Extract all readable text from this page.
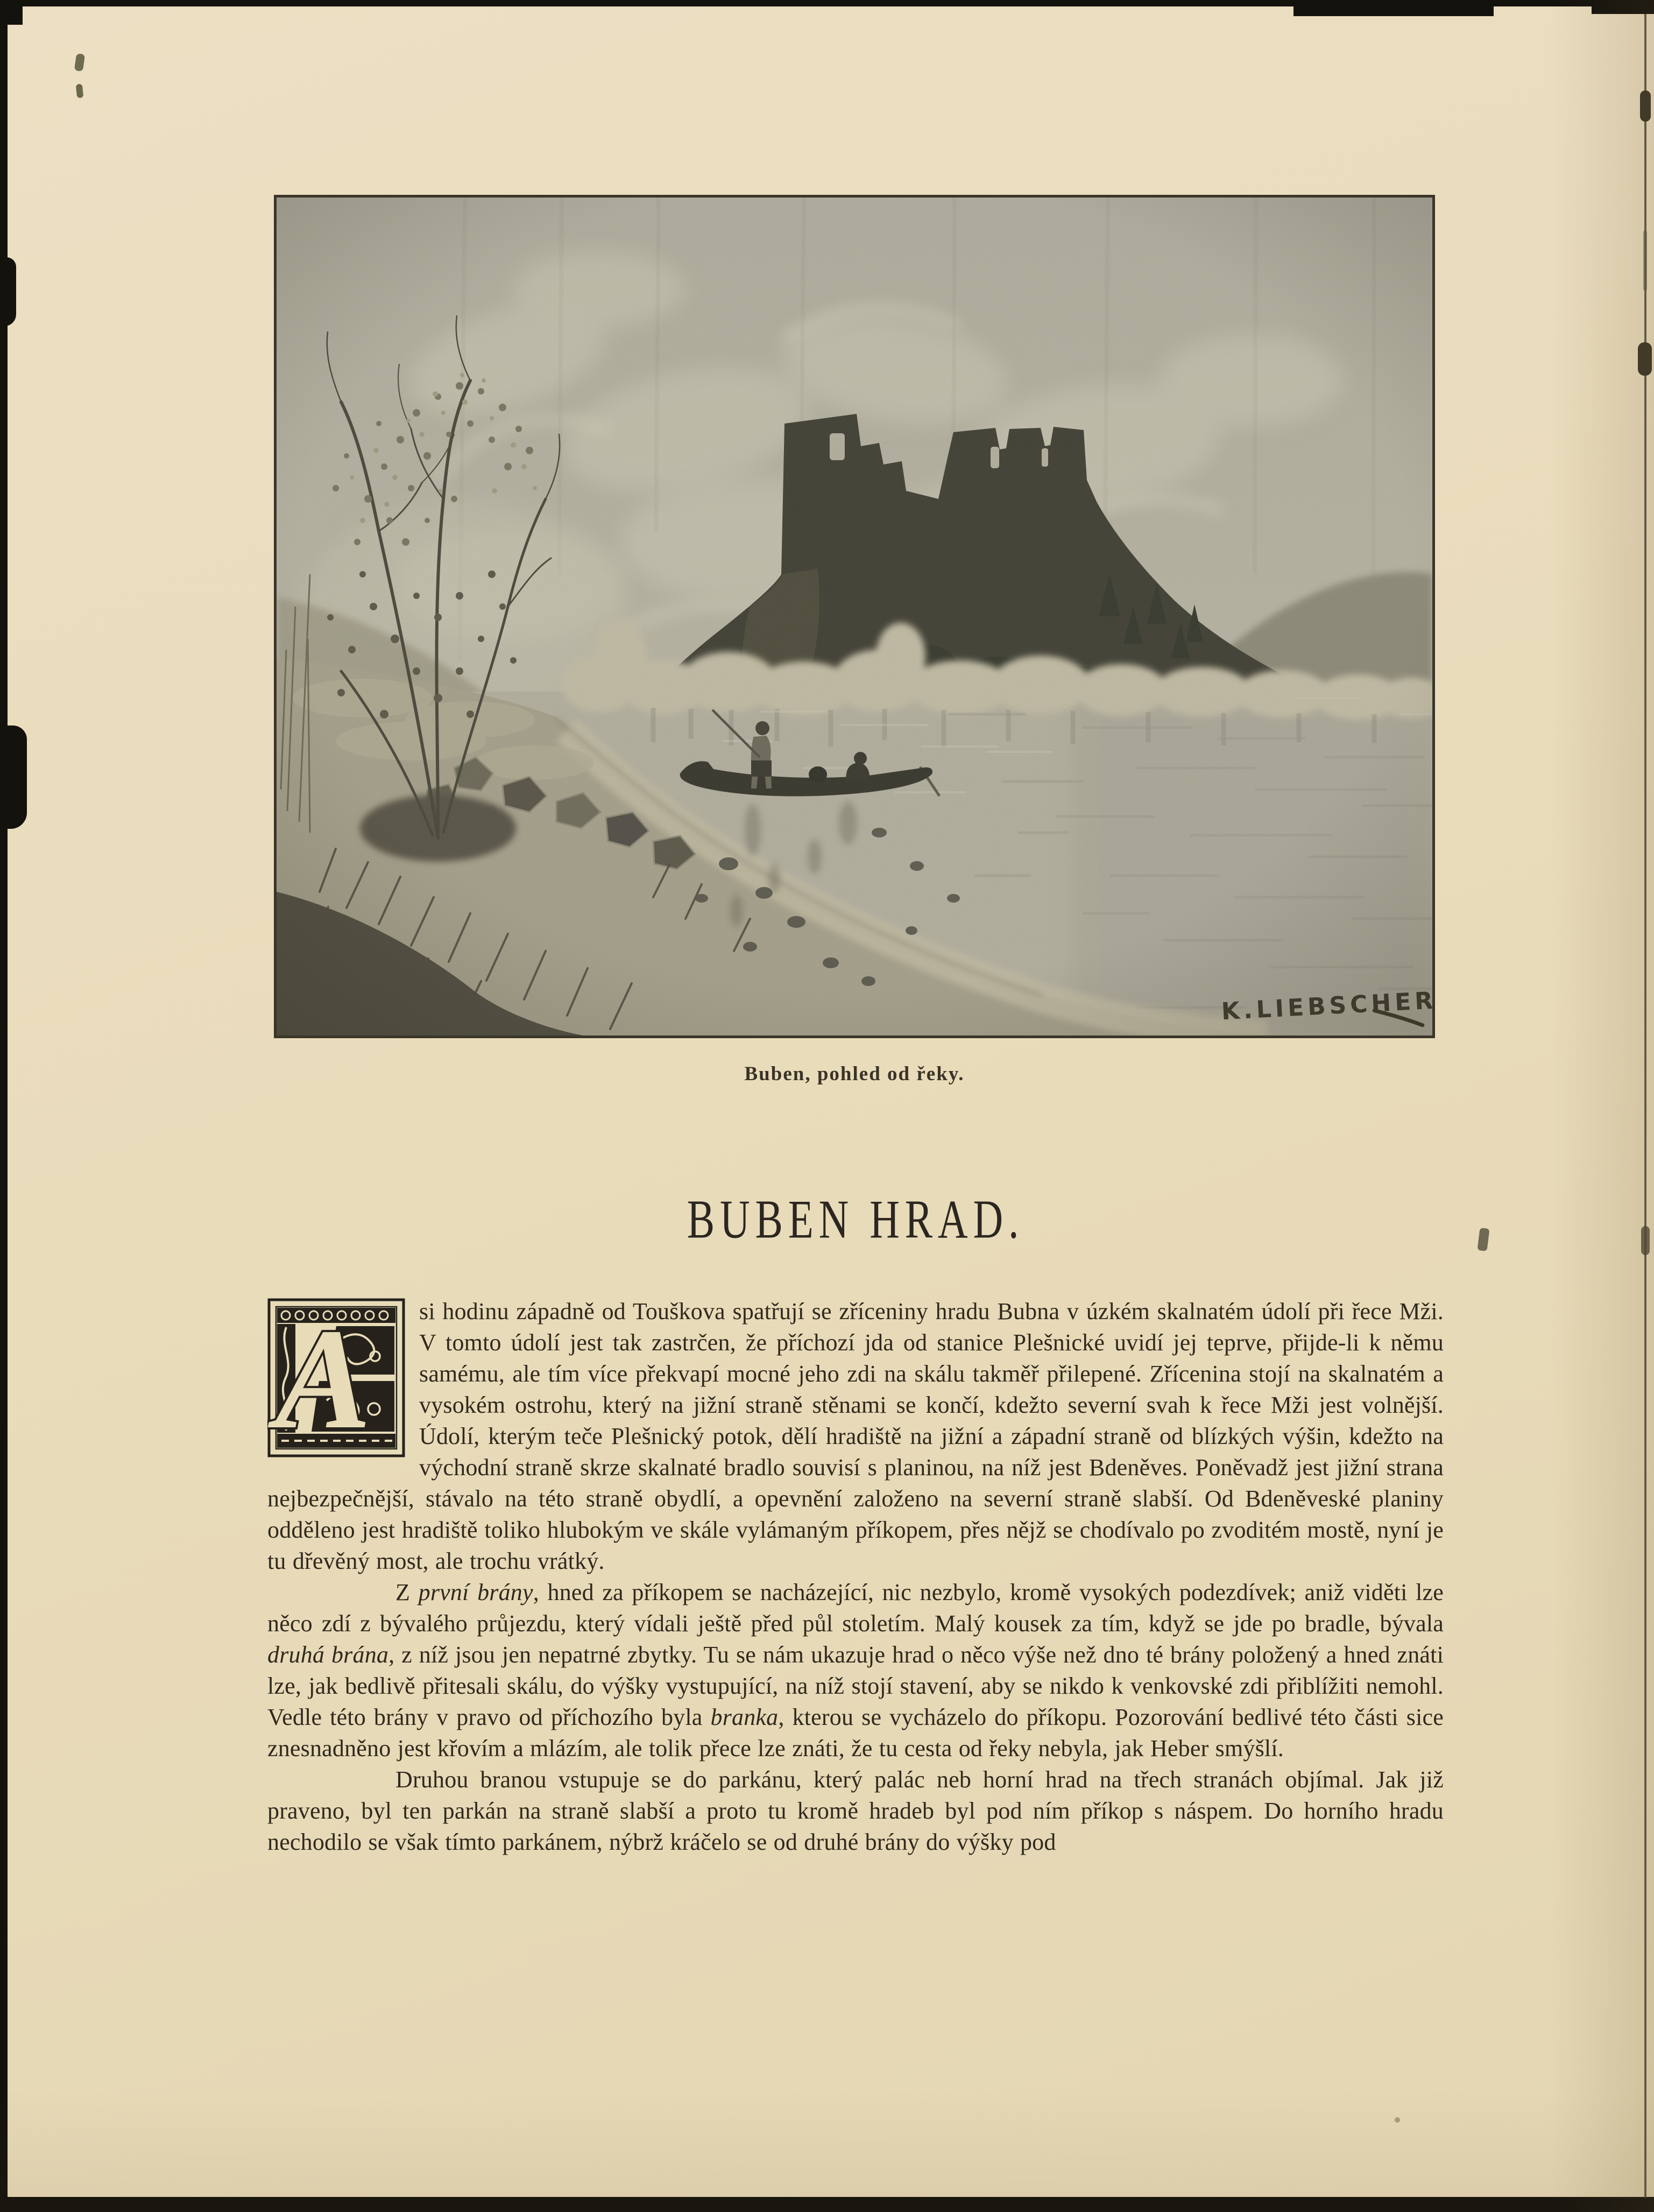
Buben, pohled od řeky.
BUBEN HRAD.

A si hodinu západně od Touškova spatřují se zříceniny hradu Bubna v úzkém skalnatém údolí při řece Mži. V tomto údolí jest tak zastrčen, že příchozí jda od stanice Plešnické uvidí jej teprve, přijde-li k němu samému, ale tím více překvapí mocné jeho zdi na skálu takměř přilepené. Zřícenina stojí na skalnatém a vysokém ostrohu, který na jižní straně stěnami se končí, kdežto severní svah k řece Mži jest volnější. Údolí, kterým teče Plešnický potok, dělí hradiště na jižní a západní straně od blízkých výšin, kdežto na východní straně skrze skalnaté bradlo souvisí s planinou, na níž jest Bdeněves. Poněvadž jest jižní strana nejbezpečnější, stávalo na této straně obydlí, a opevnění založeno na severní straně slabší. Od Bdeněveské planiny odděleno jest hradiště toliko hlubokým ve skále vylámaným příkopem, přes nějž se chodívalo po zvoditém mostě, nyní je tu dřevěný most, ale trochu vrátký.

Z první brány, hned za příkopem se nacházející, nic nezbylo, kromě vysokých podezdívek; aniž viděti lze něco zdí z bývalého průjezdu, který vídali ještě před půl stoletím. Malý kousek za tím, když se jde po bradle, bývala druhá brána, z níž jsou jen nepatrné zbytky. Tu se nám ukazuje hrad o něco výše než dno té brány položený a hned znáti lze, jak bedlivě přitesali skálu, do výšky vystupující, na níž stojí stavení, aby se nikdo k venkovské zdi přiblížiti nemohl. Vedle této brány v pravo od příchozího byla branka, kterou se vycházelo do příkopu. Pozorování bedlivé této části sice znesnadněno jest křovím a mlázím, ale tolik přece lze znáti, že tu cesta od řeky nebyla, jak Heber smýšlí.

Druhou branou vstupuje se do parkánu, který palác neb horní hrad na třech stranách objímal. Jak již praveno, byl ten parkán na straně slabší a proto tu kromě hradeb byl pod ním příkop s náspem. Do horního hradu nechodilo se však tímto parkánem, nýbrž kráčelo se od druhé brány do výšky pod
